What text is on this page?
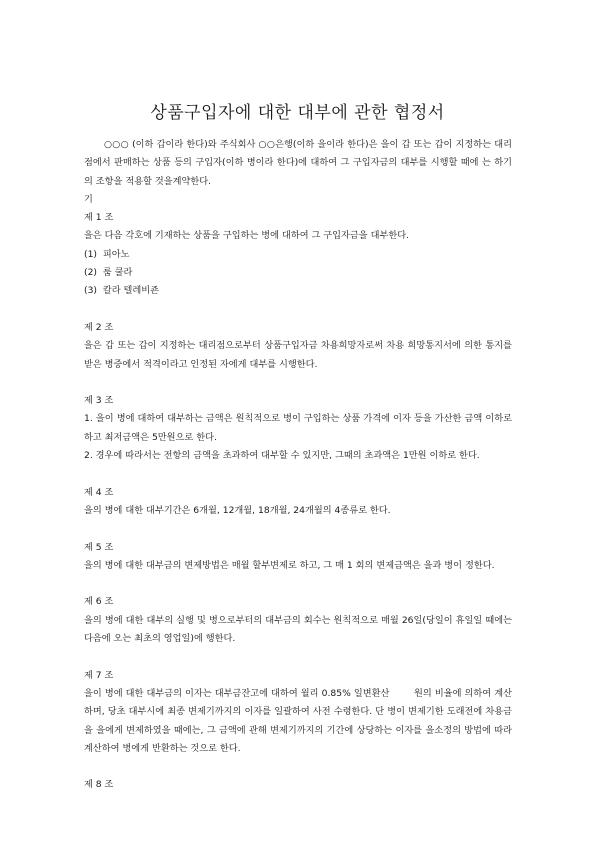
상품구입자에 대한 대부에 관한 협정서

○○○ (이하 갑이라 한다)와 주식회사 ○○은행(이하 을이라 한다)은 을이 갑 또는 갑이 지정하는 대리점에서 판매하는 상품 등의 구입자(이하 병이라 한다)에 대하여 그 구입자금의 대부를 시행할 때에 는 하기의 조항을 적용할 것을계약한다.

기

제 1 조

을은 다음 각호에 기재하는 상품을 구입하는 병에 대하여 그 구입자금을 대부한다.

(1)  피아노

(2)  룸 쿨라

(3)  칼라 텔레비죤

제 2 조

을은 갑 또는 갑이 지정하는 대리점으로부터 상품구입자금 차용희망자로써 차용 희망통지서에 의한 통지를 받은 병중에서 적격이라고 인정된 자에게 대부를 시행한다.

제 3 조

1. 을이 병에 대하여 대부하는 금액은 원칙적으로 병이 구입하는 상품 가격에 이자 등을 가산한 금액 이하로 하고 최저금액은 5만원으로 한다.

2. 경우에 따라서는 전항의 금액을 초과하여 대부할 수 있지만, 그때의 초과액은 1만원 이하로 한다.

제 4 조

을의 병에 대한 대부기간은 6개월, 12개월, 18개월, 24개월의 4종류로 한다.

제 5 조

을의 병에 대한 대부금의 변제방법은 매월 할부변제로 하고, 그 매 1 회의 변제금액은 을과 병이 정한다.

제 6 조

을의 병에 대한 대부의 실행 및 병으로부터의 대부금의 회수는 원칙적으로 매월 26일(당일이 휴일일 때에는 다음에 오는 최초의 영업일)에 행한다.

제 7 조

을이 병에 대한 대부금의 이자는 대부금잔고에 대하여 월리 0.85% 일변환산        원의 비율에 의하여 계산하며, 당초 대부시에 최종 변제기까지의 이자를 일괄하여 사전 수령한다. 단 병이 변제기한 도래전에 차용금을 을에게 변제하였을 때에는, 그 금액에 관해 변제기까지의 기간에 상당하는 이자를 을소정의 방법에 따라 계산하여 병에게 반환하는 것으로 한다.

제 8 조
